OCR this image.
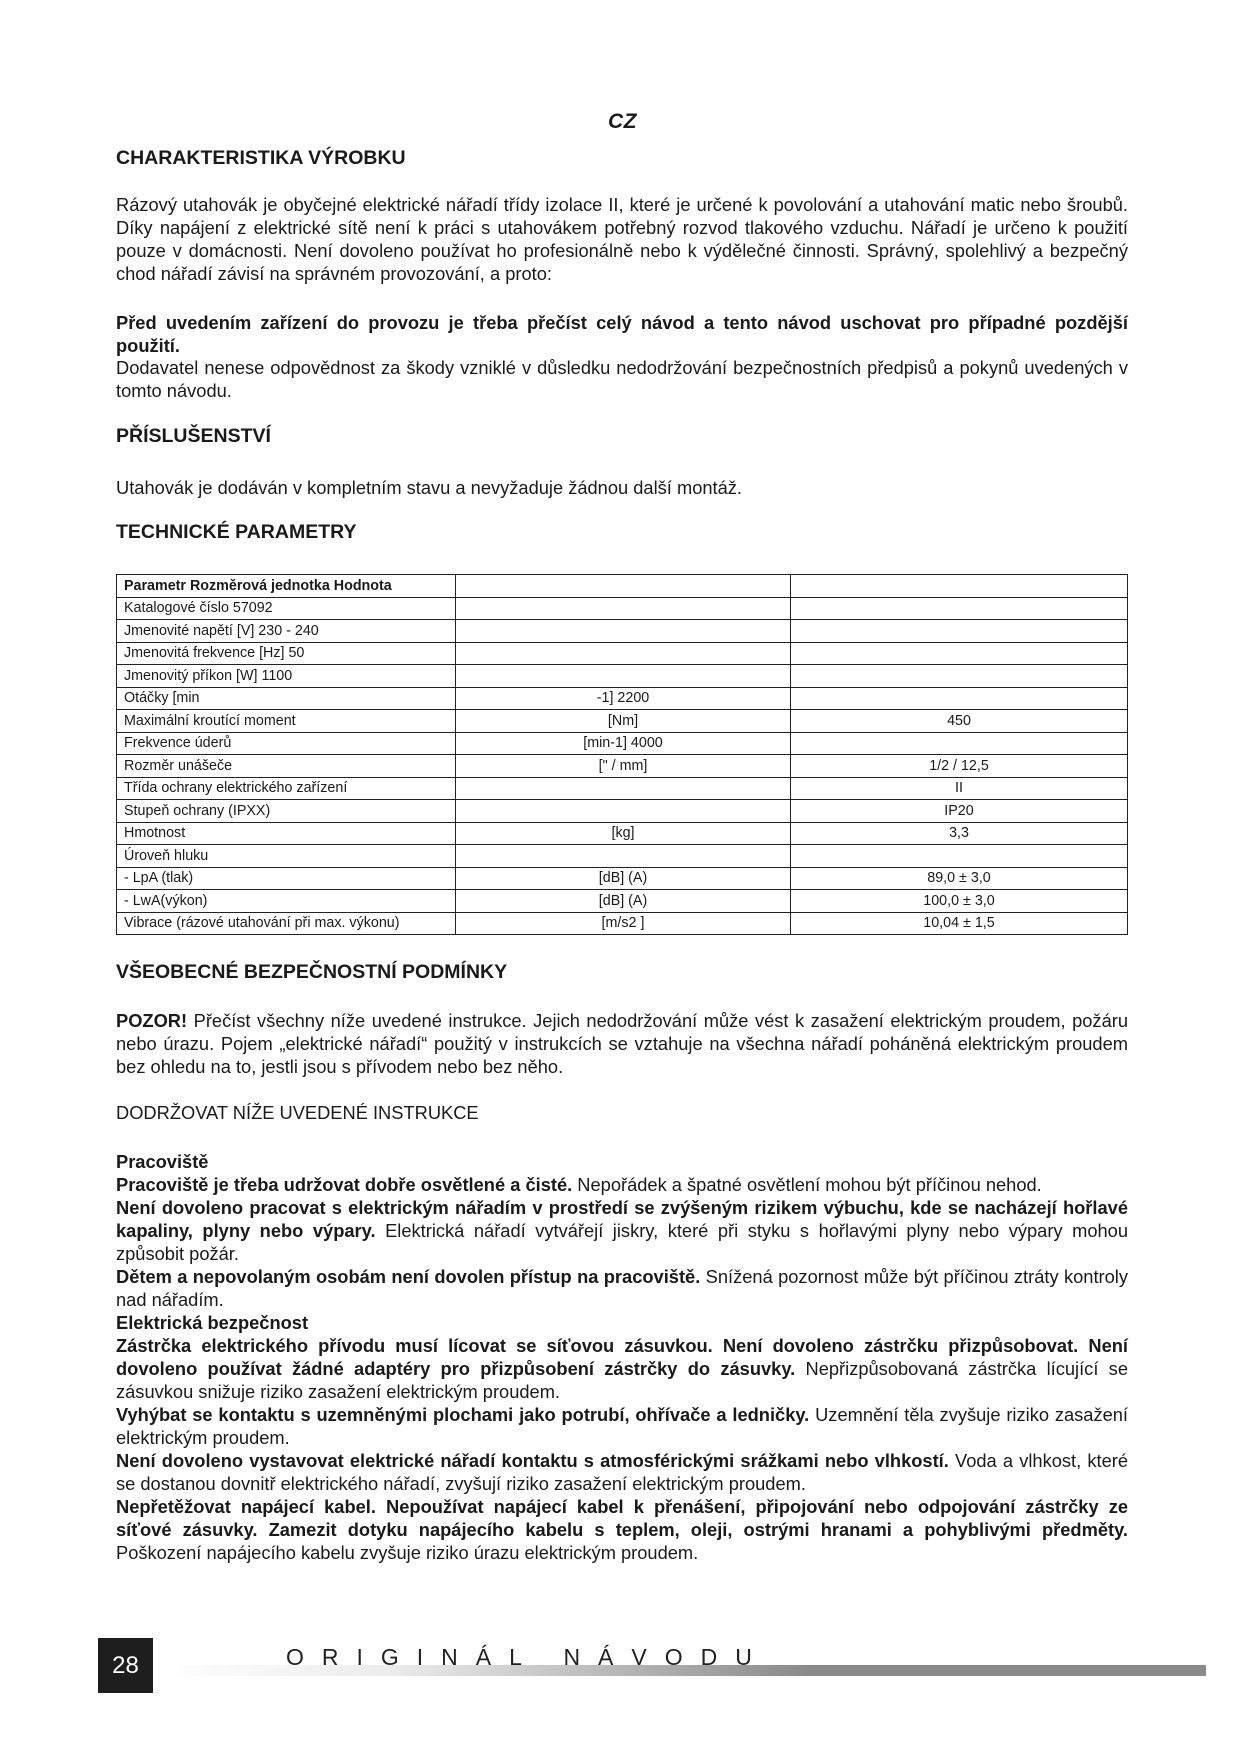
CZ
CHARAKTERISTIKA VÝROBKU

Rázový utahovák je obyčejné elektrické nářadí třídy izolace II, které je určené k povolování a utahování matic nebo šroubů. Díky napájení z elektrické sítě není k práci s utahovákem potřebný rozvod tlakového vzduchu. Nářadí je určeno k použití pouze v domácnosti. Není dovoleno používat ho profesionálně nebo k výdělečné činnosti. Správný, spolehlivý a bezpečný chod nářadí závisí na správném provozování, a proto:

Před uvedením zařízení do provozu je třeba přečíst celý návod a tento návod uschovat pro případné pozdější použití.

Dodavatel nenese odpovědnost za škody vzniklé v důsledku nedodržování bezpečnostních předpisů a pokynů uvedených v tomto návodu.

PŘÍSLUŠENSTVÍ

Utahovák je dodáván v kompletním stavu a nevyžaduje žádnou další montáž.

TECHNICKÉ PARAMETRY
Parametr Rozměrová jednotka Hodnota		
Katalogové číslo 57092		
Jmenovité napětí [V] 230 - 240		
Jmenovitá frekvence [Hz] 50		
Jmenovitý příkon [W] 1100		
Otáčky [min	-1] 2200	
Maximální kroutící moment	[Nm]	450
Frekvence úderů	[min-1] 4000	
Rozměr unášeče	[" / mm]	1/2 / 12,5
Třída ochrany elektrického zařízení		II
Stupeň ochrany (IPXX)		IP20
Hmotnost	[kg]	3,3
Úroveň hluku		
- LpA (tlak)	[dB] (A)	89,0 ± 3,0
- LwA(výkon)	[dB] (A)	100,0 ± 3,0
Vibrace (rázové utahování při max. výkonu)	[m/s2 ]	10,04 ± 1,5
VŠEOBECNÉ BEZPEČNOSTNÍ PODMÍNKY

POZOR! Přečíst všechny níže uvedené instrukce. Jejich nedodržování může vést k zasažení elektrickým proudem, požáru nebo úrazu. Pojem „elektrické nářadí“ použitý v instrukcích se vztahuje na všechna nářadí poháněná elektrickým proudem bez ohledu na to, jestli jsou s přívodem nebo bez něho.

DODRŽOVAT NÍŽE UVEDENÉ INSTRUKCE

Pracoviště

Pracoviště je třeba udržovat dobře osvětlené a čisté. Nepořádek a špatné osvětlení mohou být příčinou nehod.

Není dovoleno pracovat s elektrickým nářadím v prostředí se zvýšeným rizikem výbuchu, kde se nacházejí hořlavé kapaliny, plyny nebo výpary. Elektrická nářadí vytvářejí jiskry, které při styku s hořlavými plyny nebo výpary mohou způsobit požár.

Dětem a nepovolaným osobám není dovolen přístup na pracoviště. Snížená pozornost může být příčinou ztráty kontroly nad nářadím.

Elektrická bezpečnost

Zástrčka elektrického přívodu musí lícovat se síťovou zásuvkou. Není dovoleno zástrčku přizpůsobovat. Není dovoleno používat žádné adaptéry pro přizpůsobení zástrčky do zásuvky. Nepřizpůsobovaná zástrčka lícující se zásuvkou snižuje riziko zasažení elektrickým proudem.

Vyhýbat se kontaktu s uzemněnými plochami jako potrubí, ohřívače a ledničky. Uzemnění těla zvyšuje riziko zasažení elektrickým proudem.

Není dovoleno vystavovat elektrické nářadí kontaktu s atmosférickými srážkami nebo vlhkostí. Voda a vlhkost, které se dostanou dovnitř elektrického nářadí, zvyšují riziko zasažení elektrickým proudem.

Nepřetěžovat napájecí kabel. Nepoužívat napájecí kabel k přenášení, připojování nebo odpojování zástrčky ze síťové zásuvky. Zamezit dotyku napájecího kabelu s teplem, oleji, ostrými hranami a pohyblivými předměty. Poškození napájecího kabelu zvyšuje riziko úrazu elektrickým proudem.

28	ORIGINÁL NÁVODU
